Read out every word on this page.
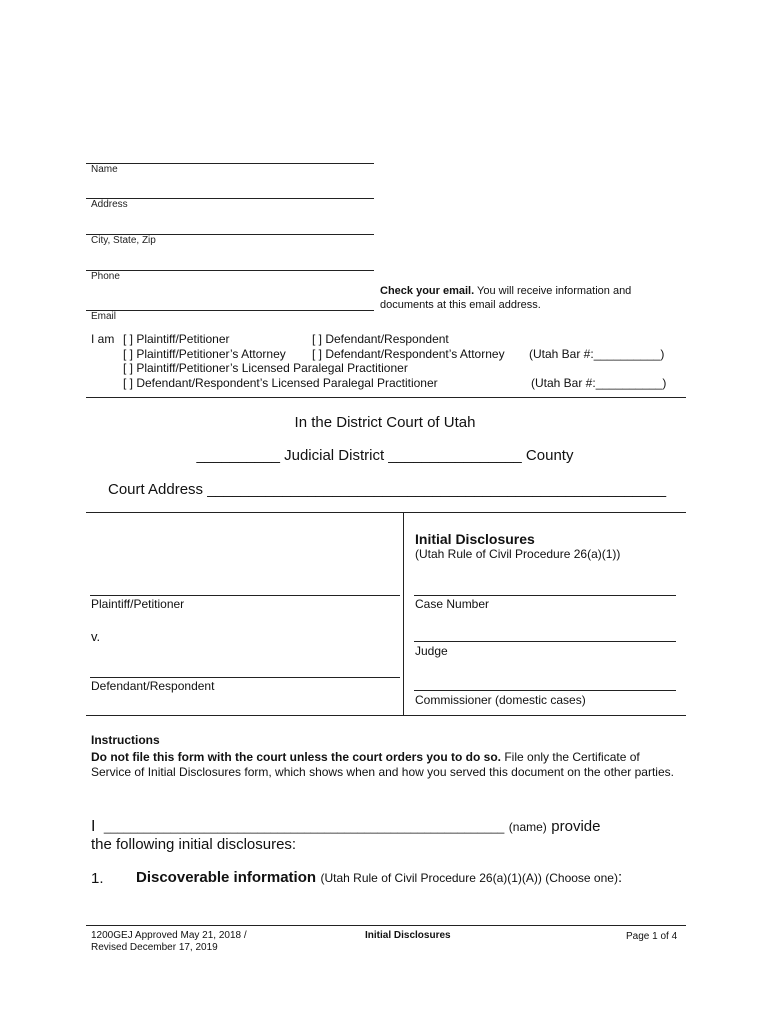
Name
Address
City, State, Zip
Phone
Email
Check your email. You will receive information and documents at this email address.
I am [ ] Plaintiff/Petitioner	[ ] Defendant/Respondent
[ ] Plaintiff/Petitioner’s Attorney [ ] Defendant/Respondent’s Attorney (Utah Bar #:__________)
[ ] Plaintiff/Petitioner’s Licensed Paralegal Practitioner
[ ] Defendant/Respondent’s Licensed Paralegal Practitioner	(Utah Bar #:__________)
In the District Court of Utah
__________ Judicial District ________________ County
Court Address _______________________________________________________
Initial Disclosures
(Utah Rule of Civil Procedure 26(a)(1))
Plaintiff/Petitioner
v.
Defendant/Respondent
Case Number
Judge
Commissioner (domestic cases)
Instructions
Do not file this form with the court unless the court orders you to do so. File only the Certificate of Service of Initial Disclosures form, which shows when and how you served this document on the other parties.
I ____________________________________________________________ (name) provide
the following initial disclosures:
1. Discoverable information (Utah Rule of Civil Procedure 26(a)(1)(A)) (Choose one):
1200GEJ Approved May 21, 2018 /
Revised December 17, 2019
Initial Disclosures	Page 1 of 4
